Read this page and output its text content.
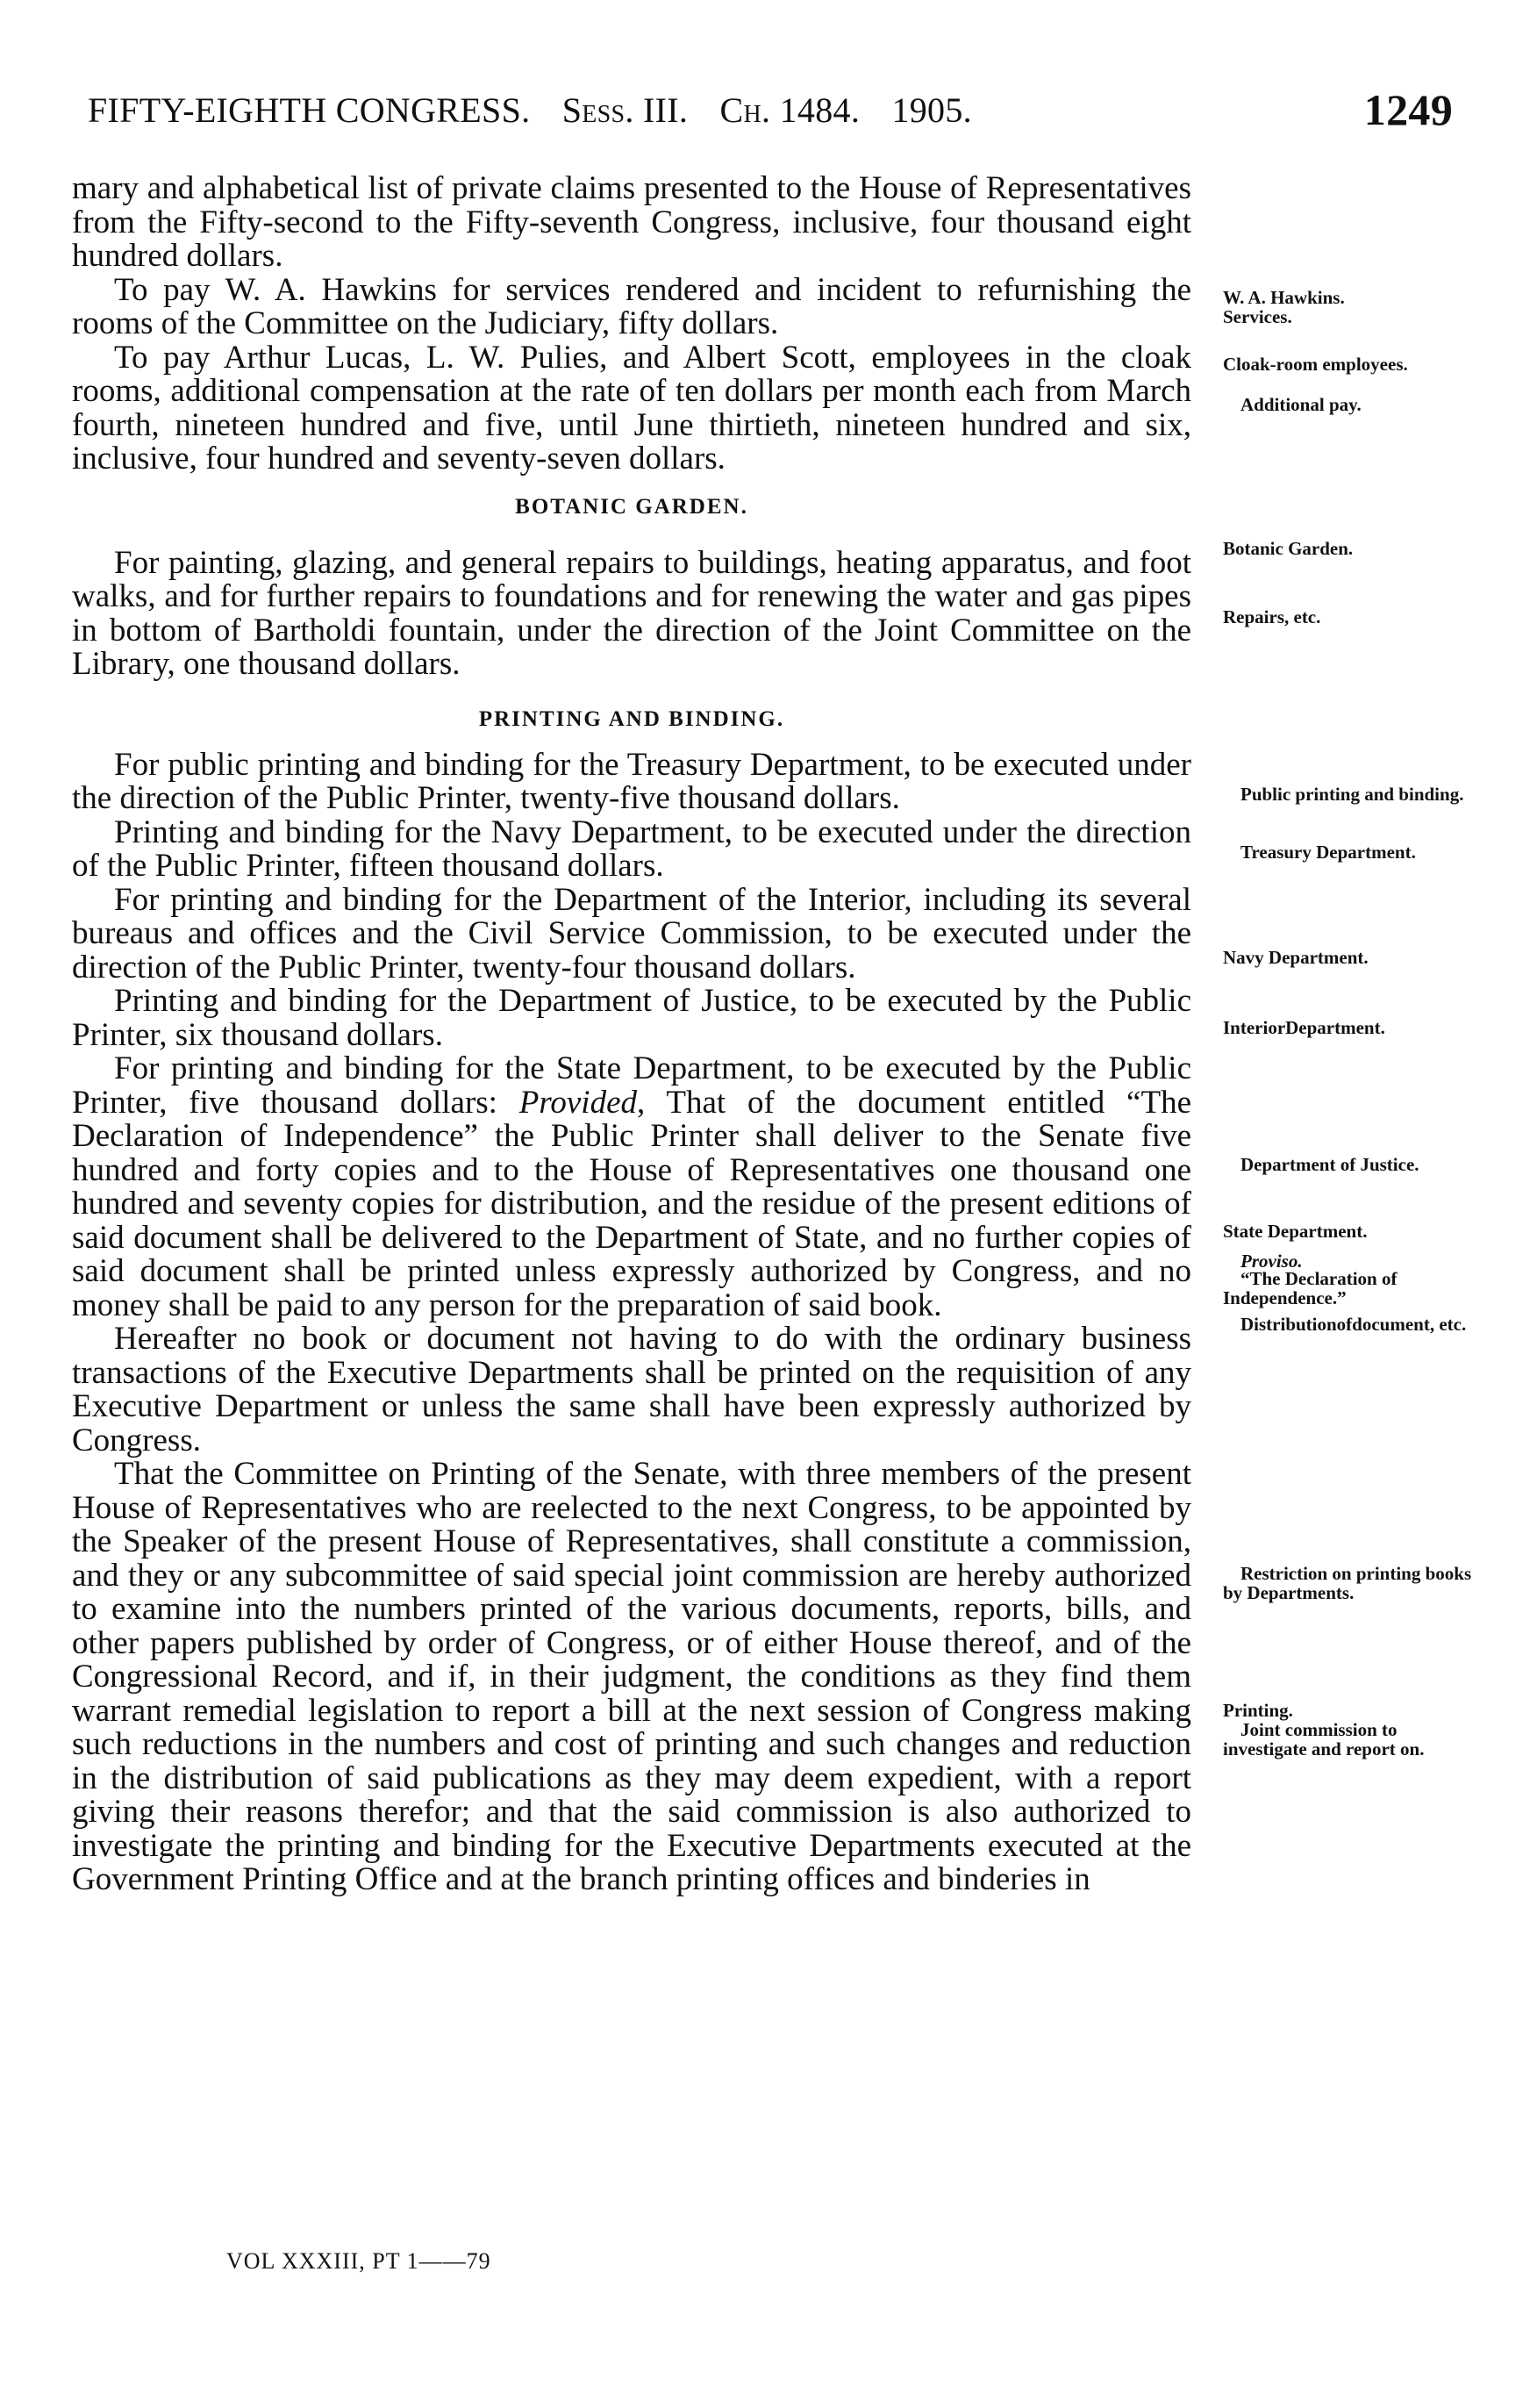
FIFTY-EIGHTH CONGRESS. Sess. III. Ch. 1484. 1905.	1249

mary and alphabetical list of private claims presented to the House of Representatives from the Fifty-second to the Fifty-seventh Congress, inclusive, four thousand eight hundred dollars.

To pay W. A. Hawkins for services rendered and incident to refurnishing the rooms of the Committee on the Judiciary, fifty dollars.

To pay Arthur Lucas, L. W. Pulies, and Albert Scott, employees in the cloak rooms, additional compensation at the rate of ten dollars per month each from March fourth, nineteen hundred and five, until June thirtieth, nineteen hundred and six, inclusive, four hundred and seventy-seven dollars.

BOTANIC GARDEN.

For painting, glazing, and general repairs to buildings, heating apparatus, and foot walks, and for further repairs to foundations and for renewing the water and gas pipes in bottom of Bartholdi fountain, under the direction of the Joint Committee on the Library, one thousand dollars.

PRINTING AND BINDING.

For public printing and binding for the Treasury Department, to be executed under the direction of the Public Printer, twenty-five thousand dollars.

Printing and binding for the Navy Department, to be executed under the direction of the Public Printer, fifteen thousand dollars.

For printing and binding for the Department of the Interior, including its several bureaus and offices and the Civil Service Commission, to be executed under the direction of the Public Printer, twenty-four thousand dollars.

Printing and binding for the Department of Justice, to be executed by the Public Printer, six thousand dollars.

For printing and binding for the State Department, to be executed by the Public Printer, five thousand dollars: Provided, That of the document entitled “The Declaration of Independence” the Public Printer shall deliver to the Senate five hundred and forty copies and to the House of Representatives one thousand one hundred and seventy copies for distribution, and the residue of the present editions of said document shall be delivered to the Department of State, and no further copies of said document shall be printed unless expressly authorized by Congress, and no money shall be paid to any person for the preparation of said book.

Hereafter no book or document not having to do with the ordinary business transactions of the Executive Departments shall be printed on the requisition of any Executive Department or unless the same shall have been expressly authorized by Congress.

That the Committee on Printing of the Senate, with three members of the present House of Representatives who are reelected to the next Congress, to be appointed by the Speaker of the present House of Representatives, shall constitute a commission, and they or any subcommittee of said special joint commission are hereby authorized to examine into the numbers printed of the various documents, reports, bills, and other papers published by order of Congress, or of either House thereof, and of the Congressional Record, and if, in their judgment, the conditions as they find them warrant remedial legislation to report a bill at the next session of Congress making such reductions in the numbers and cost of printing and such changes and reduction in the distribution of said publications as they may deem expedient, with a report giving their reasons therefor; and that the said commission is also authorized to investigate the printing and binding for the Executive Departments executed at the Government Printing Office and at the branch printing offices and binderies in

W. A. Hawkins.
Services.
Cloak-room employees.
Additional pay.
Botanic Garden.
Repairs, etc.
Public printing and binding.
Treasury Department.
Navy Department.
InteriorDepartment.
Department of Justice.
State Department.
Proviso.
“The Declaration of Independence.”
Distributionofdocument, etc.
Restriction on printing books by Departments.
Printing.
Joint commission to investigate and report on.
VOL XXXIII, PT 1——79
